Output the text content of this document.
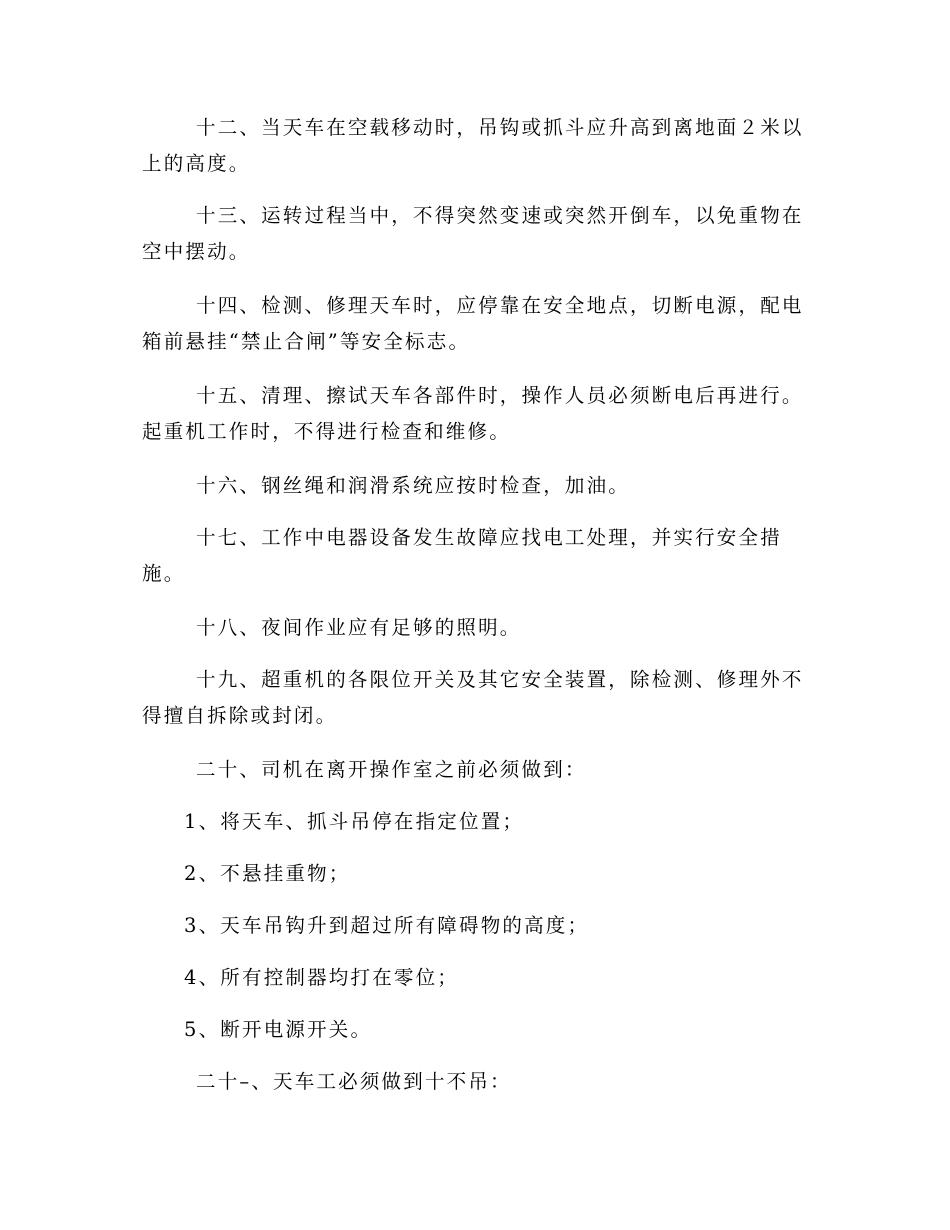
十二、当天车在空载移动时，吊钩或抓斗应升高到离地面２米以上的高度。

十三、运转过程当中，不得突然变速或突然开倒车，以免重物在空中摆动。

十四、检测、修理天车时，应停靠在安全地点，切断电源，配电箱前悬挂“禁止合闸”等安全标志。

十五、清理、擦试天车各部件时，操作人员必须断电后再进行。起重机工作时，不得进行检查和维修。

十六、钢丝绳和润滑系统应按时检查，加油。

十七、工作中电器设备发生故障应找电工处理，并实行安全措施。

十八、夜间作业应有足够的照明。

十九、超重机的各限位开关及其它安全装置，除检测、修理外不得擅自拆除或封闭。

二十、司机在离开操作室之前必须做到：

1、将天车、抓斗吊停在指定位置；

2、不悬挂重物；

3、天车吊钩升到超过所有障碍物的高度；

4、所有控制器均打在零位；

5、断开电源开关。

二十–、天车工必须做到十不吊：
